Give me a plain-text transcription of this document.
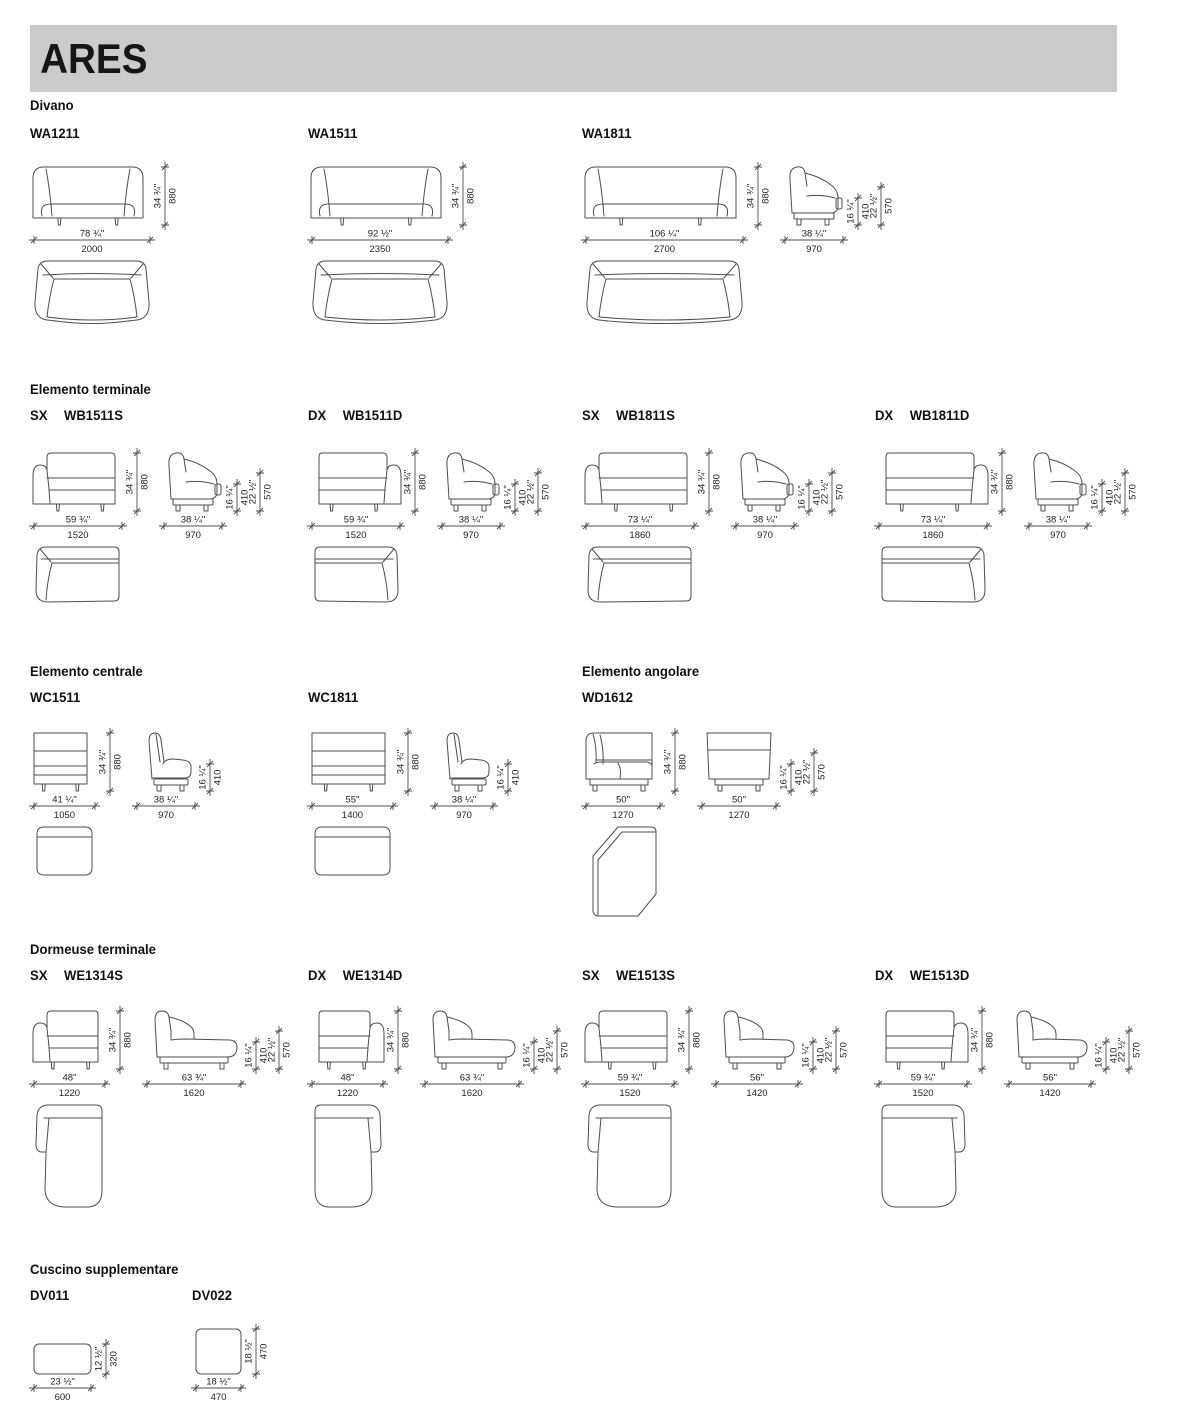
ARES
Divano
Elemento terminale
Elemento centrale	Elemento angolare
Dormeuse terminale
Cuscino supplementare
WA1211
34 ¾" 880
78 ¾"
2000
WA1511
34 ¾" 880
92 ½"
2350
WA1811
34 ¾" 880
106 ¼"
2700
38 ¼"
970
16 ¼" 410
22 ½" 570
SX WB1511S
34 ¾" 880
59 ¾"
1520
38 ¼"
970
16 ¼" 410
22 ½" 570
DX WB1511D
34 ¾" 880
59 ¾"
1520
38 ¼"
970
16 ¼" 410
22 ½" 570
SX WB1811S
34 ¾" 880
73 ¼"
1860
38 ¼"
970
16 ¼" 410
22 ½" 570
DX WB1811D
34 ¾" 880
73 ¼"
1860
38 ¼"
970
16 ¼" 410
22 ½" 570
WC1511
34 ¾" 880
41 ¼"
1050
38 ¼"
970
16 ¼" 410
WC1811
34 ¾" 880
55"
1400
38 ¼"
970
16 ¼" 410
WD1612
34 ¾" 880
50"
1270
50"
1270
16 ¼" 410
22 ½" 570
SX WE1314S
34 ¾" 880
48"
1220
63 ¾"
1620
16 ¼" 410
22 ½" 570
DX WE1314D
34 ¾" 880
48"
1220
63 ¾"
1620
16 ¼" 410
22 ½" 570
SX WE1513S
34 ¾" 880
59 ¾"
1520
56"
1420
16 ¼" 410
22 ½" 570
DX WE1513D
34 ¾" 880
59 ¾"
1520
56"
1420
16 ¼" 410
22 ½" 570
DV011
12 ½" 320
23 ½"
600
DV022
18 ½" 470
18 ½"
470
